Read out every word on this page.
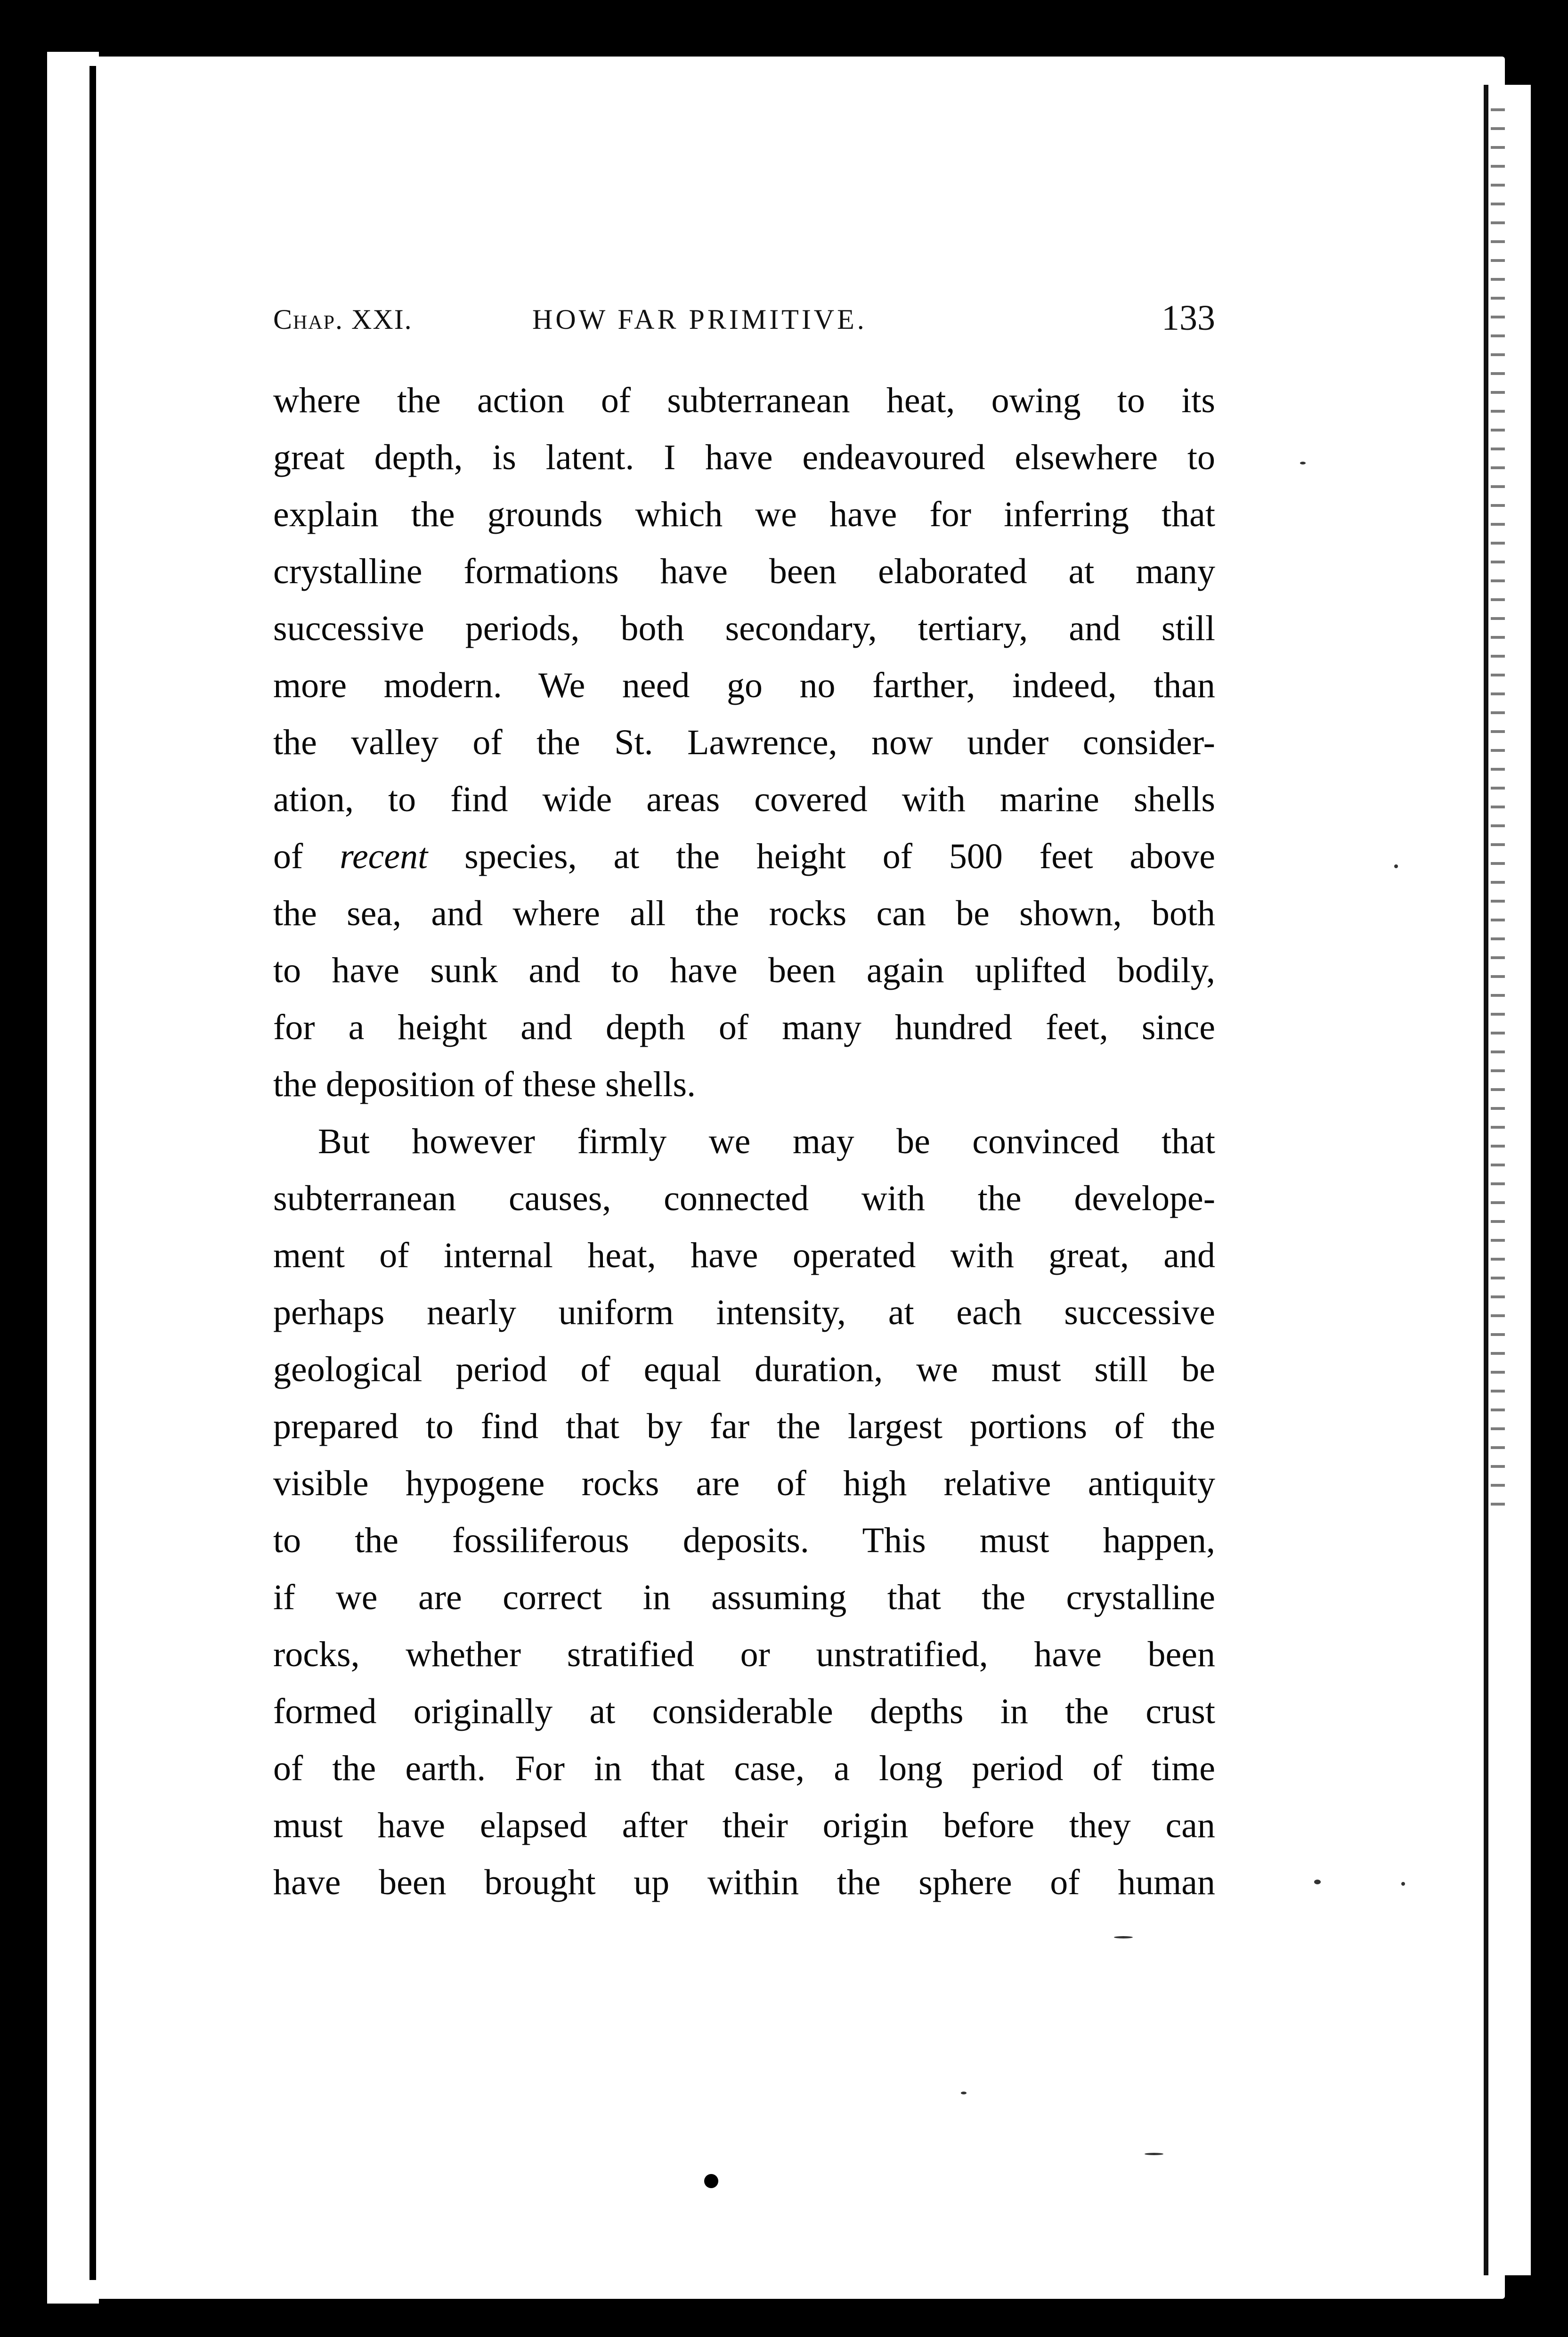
Chap. XXI.	HOW FAR PRIMITIVE.	133
where the action of subterranean heat, owing to its
great depth, is latent. I have endeavoured elsewhere to
explain the grounds which we have for inferring that
crystalline formations have been elaborated at many
successive periods, both secondary, tertiary, and still
more modern. We need go no farther, indeed, than
the valley of the St. Lawrence, now under consider-
ation, to find wide areas covered with marine shells
of recent species, at the height of 500 feet above
the sea, and where all the rocks can be shown, both
to have sunk and to have been again uplifted bodily,
for a height and depth of many hundred feet, since
the deposition of these shells.
But however firmly we may be convinced that
subterranean causes, connected with the develope-
ment of internal heat, have operated with great, and
perhaps nearly uniform intensity, at each successive
geological period of equal duration, we must still be
prepared to find that by far the largest portions of the
visible hypogene rocks are of high relative antiquity
to the fossiliferous deposits. This must happen,
if we are correct in assuming that the crystalline
rocks, whether stratified or unstratified, have been
formed originally at considerable depths in the crust
of the earth. For in that case, a long period of time
must have elapsed after their origin before they can
have been brought up within the sphere of human
